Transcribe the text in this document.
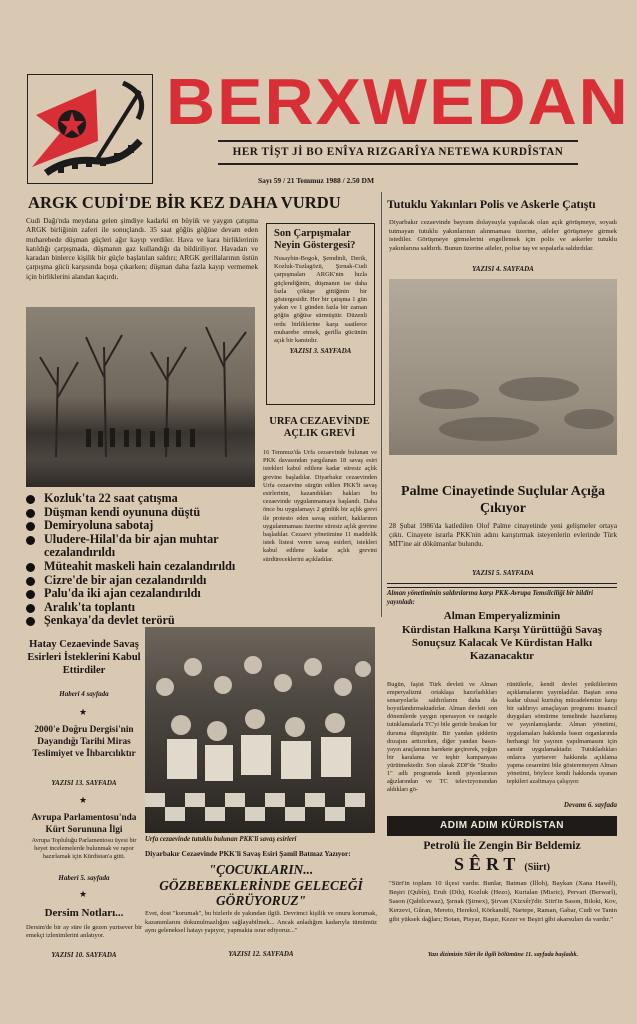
BERXWEDAN
HER TİŞT Jİ BO ENÎYA RIZGARÎYA NETEWA KURDÎSTAN
Sayı 59 / 21 Temmuz 1988 / 2.50 DM
ARGK CUDİ'DE BİR KEZ DAHA VURDU
Cudi Dağı'nda meydana gelen şimdiye kadarki en büyük ve yaygın çatışma ARGK birliğinin zaferi ile sonuçlandı. 35 saat göğüs göğüse devam eden muharebede düşman güçleri ağır kayıp verdiler. Hava ve kara birliklerinin katıldığı çarpışmada, düşmanın gaz kullandığı da bildiriliyor. Havadan ve karadan binlerce kişilik bir güçle başlatılan saldırı; ARGK gerillalarının üstün çarpışma gücü karşısında boşa çıkarken; düşman daha fazla kayıp vermemek için birliklerini alandan kaçırdı.
Son Çarpışmalar Neyin Göstergesi?
Nusaybin-Bogok, Şemdinli, Derik, Kozluk-Tuzlagözü, Şırnak-Cudi çarpışmaları ARGK'nin hızla güçlendiğinin, düşmanın ise daha fazla çöküşe gittiğinin bir göstergesidir. Her bir çatışma 1 gün yakın ve 1 günden fazla bir zaman göğüs göğüse sürmüştür. Düzenli ordu birliklerine karşı saatlerce muharebe etmek, gerilla gücünün açık bir kanıtıdır.
YAZISI 3. SAYFADA
URFA CEZAEVİNDE AÇLIK GREVİ
16 Temmuz'da Urfa cezaevinde bulunan ve PKK davasından yargılanan 18 savaş esiri istekleri kabul edilene kadar süresiz açlık grevine başladılar. Diyarbakır cezaevinden Urfa cezaevine sürgün edilen PKK'li savaş esirlerinin, kazandıkları hakları bu cezaevinde uygulanmamaya başlandı. Daha önce bu uygulamayı 2 günlük bir açlık grevi ile protesto eden savaş esirleri, haklarının uygulanmaması üzerine süresiz açlık grevine başladılar. Cezaevi yönetimine 11 maddelik istek listesi veren savaş esirleri, istekleri kabul edilene kadar açlık grevini sürdüreceklerini açıkladılar.
Kozluk'ta 22 saat çatışma
Düşman kendi oyununa düştü
Demiryoluna sabotaj
Uludere-Hilal'da bir ajan muhtar cezalandırıldı
Müteahit maskeli hain cezalandırıldı
Cizre'de bir ajan cezalandırıldı
Palu'da iki ajan cezalandırıldı
Aralık'ta toplantı
Şenkaya'da devlet terörü
Tutuklu Yakınları Polis ve Askerle Çatıştı
Diyarbakır cezaevinde bayram dolayısıyla yapılacak olan açık görüşmeye, soyadı tutmayan tutuklu yakınlarının alınmaması üzerine, aileler görüşmeye girmek istediler. Görüşmeye girmelerini engellemek için polis ve askerler tutuklu yakınlarına saldırdı. Bunun üzerine aileler, polise taş ve sopalarla saldırdılar.
YAZISI 4. SAYFADA
Palme Cinayetinde Suçlular Açığa Çıkıyor
28 Şubat 1986'da katledilen Olof Palme cinayetinde yeni gelişmeler ortaya çıktı. Cinayete israrla PKK'nin adını karıştırmak isteyenlerin evlerinde Türk MİT'ine ait dökümanlar bulundu.
YAZISI 5. SAYFADA
Alman yönetiminin saldırılarına karşı PKK-Avrupa Temsilciliği bir bildiri yayınladı:
Alman Emperyalizminin
Kürdistan Halkına Karşı Yürüttüğü Savaş Sonuçsuz Kalacak Ve Kürdistan Halkı Kazanacaktır
Bugün, faşist Türk devleti ve Alman emperyalizmi ortaklaşa hazırladıkları senaryolarla saldırılarını daha da boyutlandırmaktadırlar. Alman devleti son dönemlerde yaygın operasyon ve rastgele tutuklamalarla TC'yi bile geride bırakan bir duruma düşmüştür. Bir yandan şiddetin dozajını arttırırken, diğer yandan basın-yayın araçlarının harekete geçirerek, yoğun bir karalama ve teşhir kampanyası yürütmektedir. Son olarak ZDF'de "Studio 1" adlı programda kendi piyonlarının ağızlarından ve TC televizyonundan aldıkları gö-
rüntülerle, kendi devlet yetkililerinin açıklamalarını yayınladılar. Baştan sona kadar ulusal kurtuluş mücadelemize karşı bir saldırıyı amaçlayan programı insancıl duyguları sömürme temelinde hazırlamış ve yayınlamışlardır. Alman yönetimi, uygulamaları hakkında basın organlarında herhangi bir yayının yapılmamasını için sansür uygulamaktadır. Tutukladıkları onlarca yurtsever hakkında açıklama yapma cesaretini bile gösteremeyen Alman yönetimi, böylece kendi hakkında uyanan tepkileri azaltmaya çalışıyor.
Devamı 6. sayfada
Hatay Cezaevinde Savaş Esirleri İsteklerini Kabul Ettirdiler
Haberi 4 sayfada
★
2000'e Doğru Dergisi'nin Dayandığı Tarihi Miras Teslimiyet ve İhbarcılıktır
YAZISI 13. SAYFADA
★
Avrupa Parlamentosu'nda Kürt Sorununa İlgi
Avrupa Topluluğu Parlamentosu üyesi bir heyet incelemelerde bulunmak ve rapor hazırlamak için Kürdistan'a gitti.
Haberi 5. sayfada
★
Dersim Notları...
Dersim'de bir ay süre ile gezen yurtsever bir emekçi izlenimlerini anlatıyor.
YAZISI 10. SAYFADA
Urfa cezaevinde tutuklu bulunan PKK'li savaş esirleri
Diyarbakır Cezaevinde PKK'li Savaş Esiri Şamil Batmaz Yazıyor:
"ÇOCUKLARIN... GÖZBEBEKLERİNDE GELECEĞİ GÖRÜYORUZ"
Evet, dost "korumak", bu bizlerle de yakından ilgili. Devrimci kişilik ve onuru korumak, kazanımlarını dokunulmazlığını sağlayabilmek... Ancak anladığım kadarıyla tümümüz aynı geleneksel hatayı yapıyor, yapmakta ısrar ediyoruz..."
YAZISI 12. SAYFADA
ADIM ADIM KÜRDİSTAN
Petrolü İle Zengin Bir Beldemiz
SÊRT (Siirt)
"Siirt'in toplam 10 ilçesi vardır. Bunlar, Batman (İlloh), Baykan (Xana Hawêl), Beşiri (Qubîn), Eruh (Dih), Kozluk (Hezo), Kurtalan (Misric), Pervari (Berwarî), Sason (Qabilcewaz), Şırnak (Şirnex), Şirvan (Xizxêr)'dir. Siirt'in Sason, Biloki, Kov, Kerzevi, Gûran, Mereto, Herekol, Körkandil, Nartepe, Raman, Gabar, Cudi ve Tanin gibi yüksek dağları; Botan, Pisyar, Başur, Kezer ve Beşiri gibi akarsuları da vardır."
Yazı dizimizin Siirt ile ilgili bölümüne 11. sayfada başladık.
